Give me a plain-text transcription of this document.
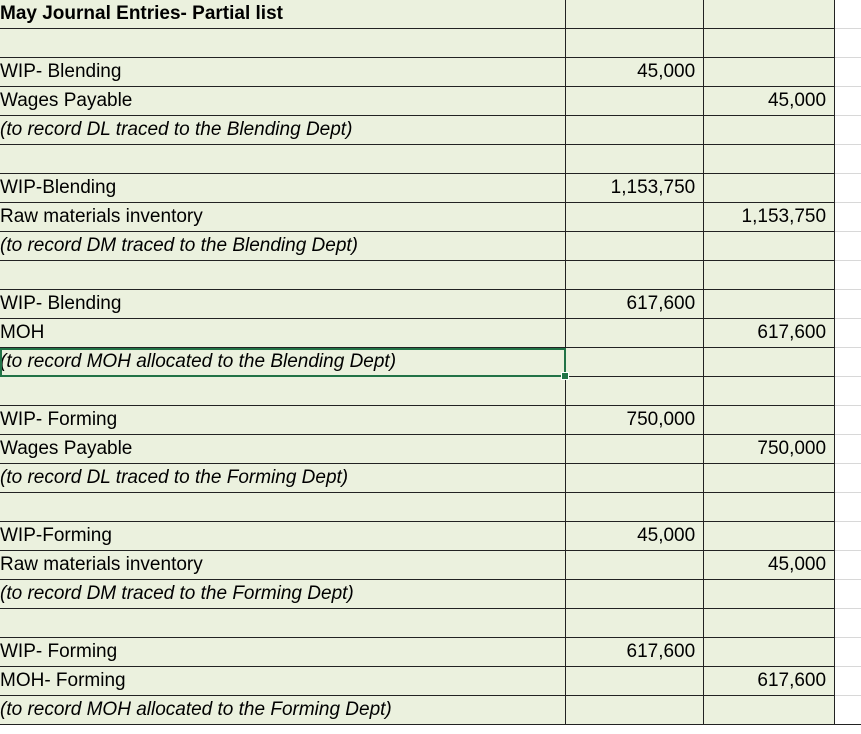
May Journal Entries- Partial list			

WIP- Blending	45,000		
Wages Payable		45,000	
(to record DL traced to the Blending Dept)			

WIP-Blending	1,153,750		
Raw materials inventory		1,153,750	
(to record DM traced to the Blending Dept)			

WIP- Blending	617,600		
MOH		617,600	
(to record MOH allocated to the Blending Dept)

WIP- Forming	750,000		
Wages Payable		750,000	
(to record DL traced to the Forming Dept)			

WIP-Forming	45,000		
Raw materials inventory		45,000	
(to record DM traced to the Forming Dept)			

WIP- Forming	617,600		
MOH- Forming		617,600	
(to record MOH allocated to the Forming Dept)			
